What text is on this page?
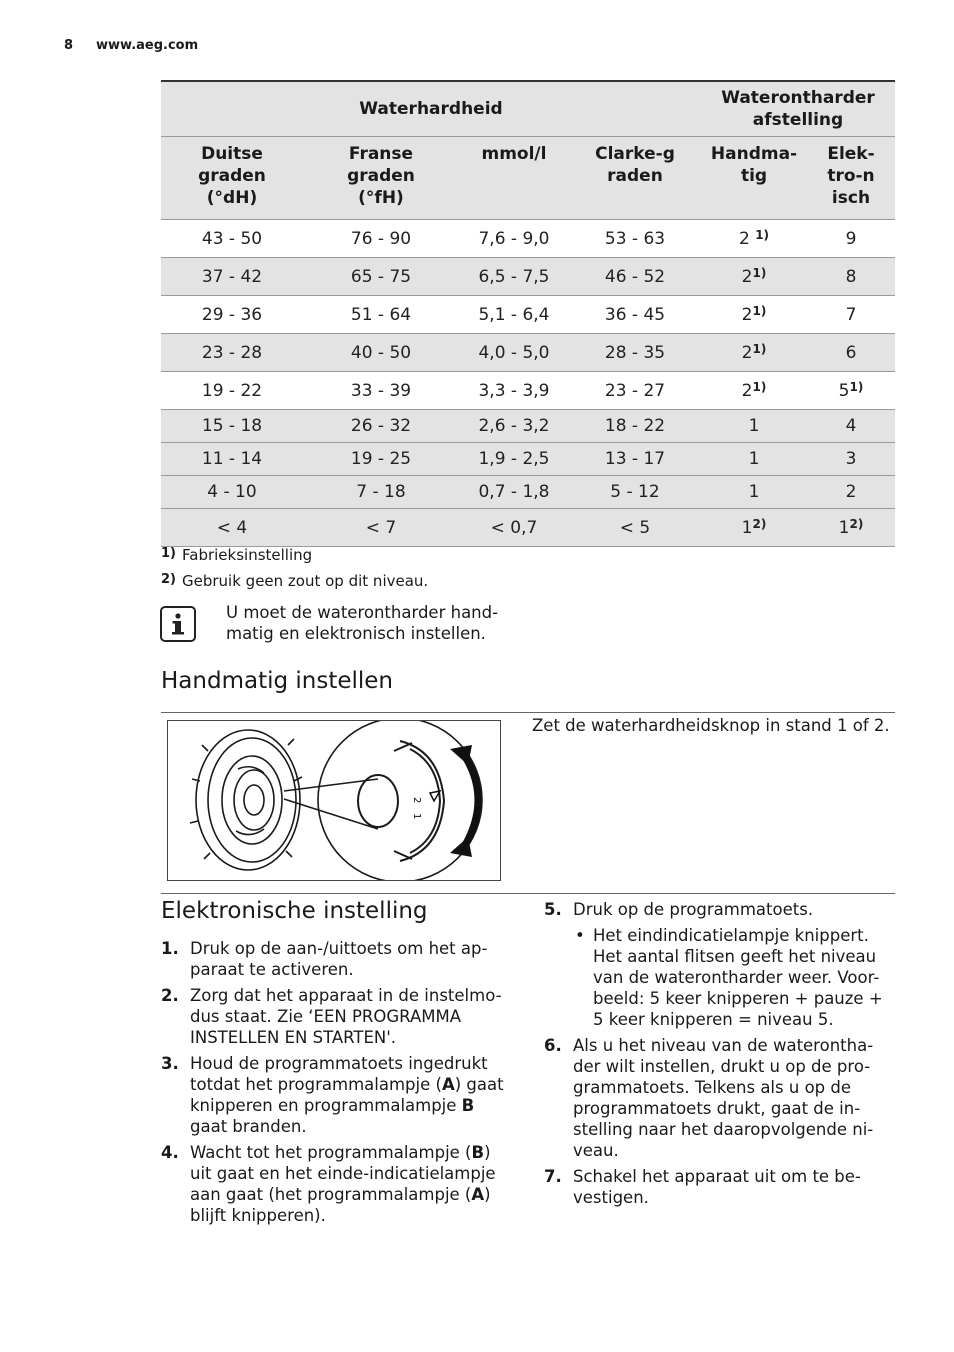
8 www.aeg.com
Waterhardheid				Waterontharder afstelling	

Duitse graden (°dH)	Franse graden (°fH)	mmol/l	Clarke-graden	Handma-tig	Elek-tro-nisch

43 - 50	76 - 90	7,6 - 9,0	53 - 63	2 $^{1)}$	9
37 - 42	65 - 75	6,5 - 7,5	46 - 52	2$^{1)}$	8
29 - 36	51 - 64	5,1 - 6,4	36 - 45	2$^{1)}$	7
23 - 28	40 - 50	4,0 - 5,0	28 - 35	2$^{1)}$	6
19 - 22	33 - 39	3,3 - 3,9	23 - 27	2$^{1)}$	5$^{1)}$
15 - 18	26 - 32	2,6 - 3,2	18 - 22	1	4
11 - 14	19 - 25	1,9 - 2,5	13 - 17	1	3
4 - 10	7 - 18	0,7 - 1,8	5 - 12	1	2
< 4	< 7	< 0,7	< 5	1$^{2)}$	1$^{2)}$
1) Fabrieksinstelling
2) Gebruik geen zout op dit niveau.
U moet de waterontharder hand-matig en elektronisch instellen.
Handmatig instellen
2
1
Zet de waterhardheidsknop in stand 1 of 2.
Elektronische instelling
1. Druk op de aan-/uittoets om het ap-paraat te activeren.
2. Zorg dat het apparaat in de instelmo-dus staat. Zie ‘EEN PROGRAMMA INSTELLEN EN STARTEN'.
3. Houd de programmatoets ingedrukt totdat het programmalampje (A) gaat knipperen en programmalampje B gaat branden.
4. Wacht tot het programmalampje (B) uit gaat en het einde-indicatielampje aan gaat (het programmalampje (A) blijft knipperen).
5. Druk op de programmatoets.
• Het eindindicatielampje knippert. Het aantal flitsen geeft het niveau van de waterontharder weer. Voor-beeld: 5 keer knipperen + pauze + 5 keer knipperen = niveau 5.
6. Als u het niveau van de waterontha-der wilt instellen, drukt u op de pro-grammatoets. Telkens als u op de programmatoets drukt, gaat de in-stelling naar het daaropvolgende ni-veau.
7. Schakel het apparaat uit om te be-vestigen.
